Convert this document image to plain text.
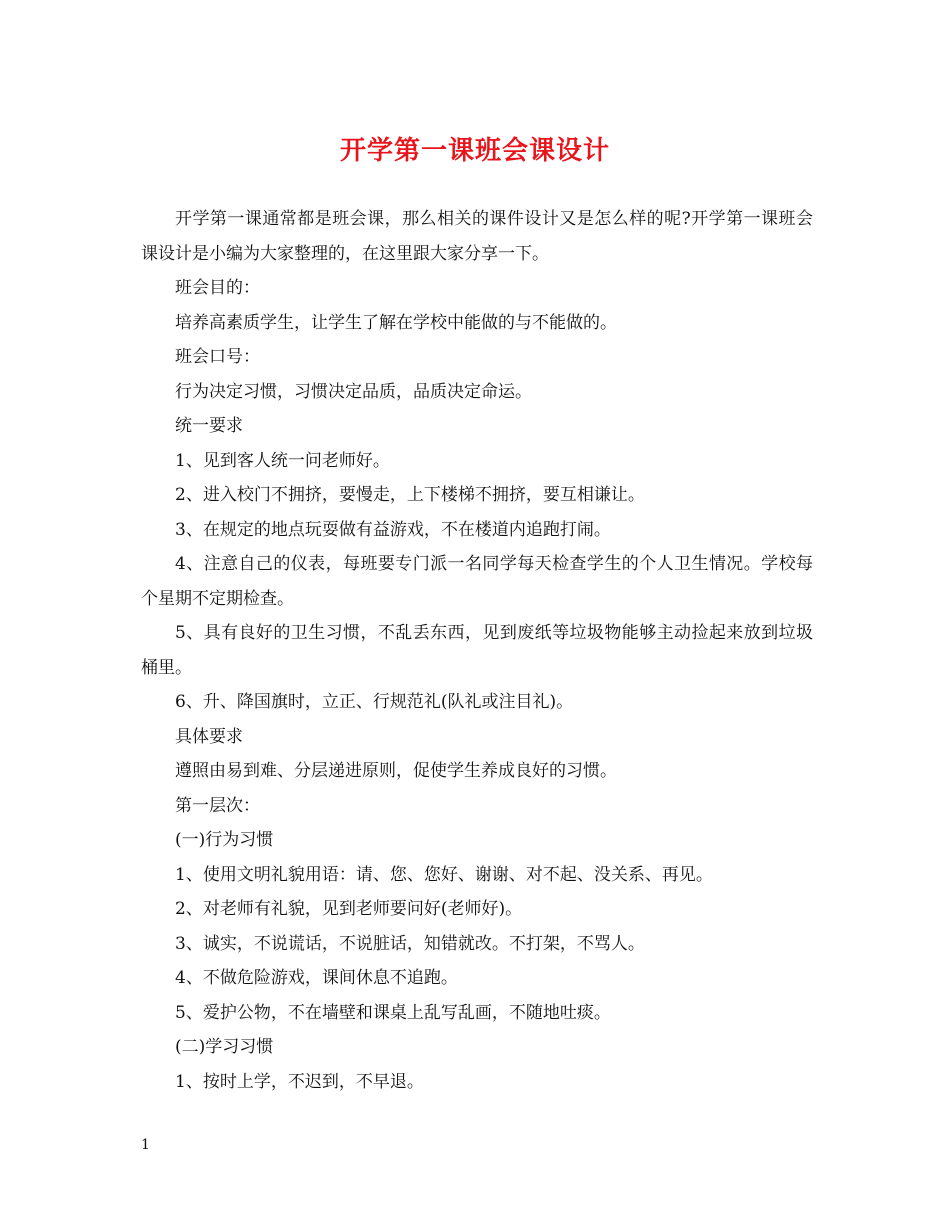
开学第一课班会课设计

开学第一课通常都是班会课，那么相关的课件设计又是怎么样的呢?开学第一课班会课设计是小编为大家整理的，在这里跟大家分享一下。

班会目的：

培养高素质学生，让学生了解在学校中能做的与不能做的。

班会口号：

行为决定习惯，习惯决定品质，品质决定命运。

统一要求

1、见到客人统一问老师好。

2、进入校门不拥挤，要慢走，上下楼梯不拥挤，要互相谦让。

3、在规定的地点玩耍做有益游戏，不在楼道内追跑打闹。

4、注意自己的仪表，每班要专门派一名同学每天检查学生的个人卫生情况。学校每个星期不定期检查。

5、具有良好的卫生习惯，不乱丢东西，见到废纸等垃圾物能够主动捡起来放到垃圾桶里。

6、升、降国旗时，立正、行规范礼(队礼或注目礼)。

具体要求

遵照由易到难、分层递进原则，促使学生养成良好的习惯。

第一层次：

(一)行为习惯

1、使用文明礼貌用语：请、您、您好、谢谢、对不起、没关系、再见。

2、对老师有礼貌，见到老师要问好(老师好)。

3、诚实，不说谎话，不说脏话，知错就改。不打架，不骂人。

4、不做危险游戏，课间休息不追跑。

5、爱护公物，不在墙壁和课桌上乱写乱画，不随地吐痰。

(二)学习习惯

1、按时上学，不迟到，不早退。

1
